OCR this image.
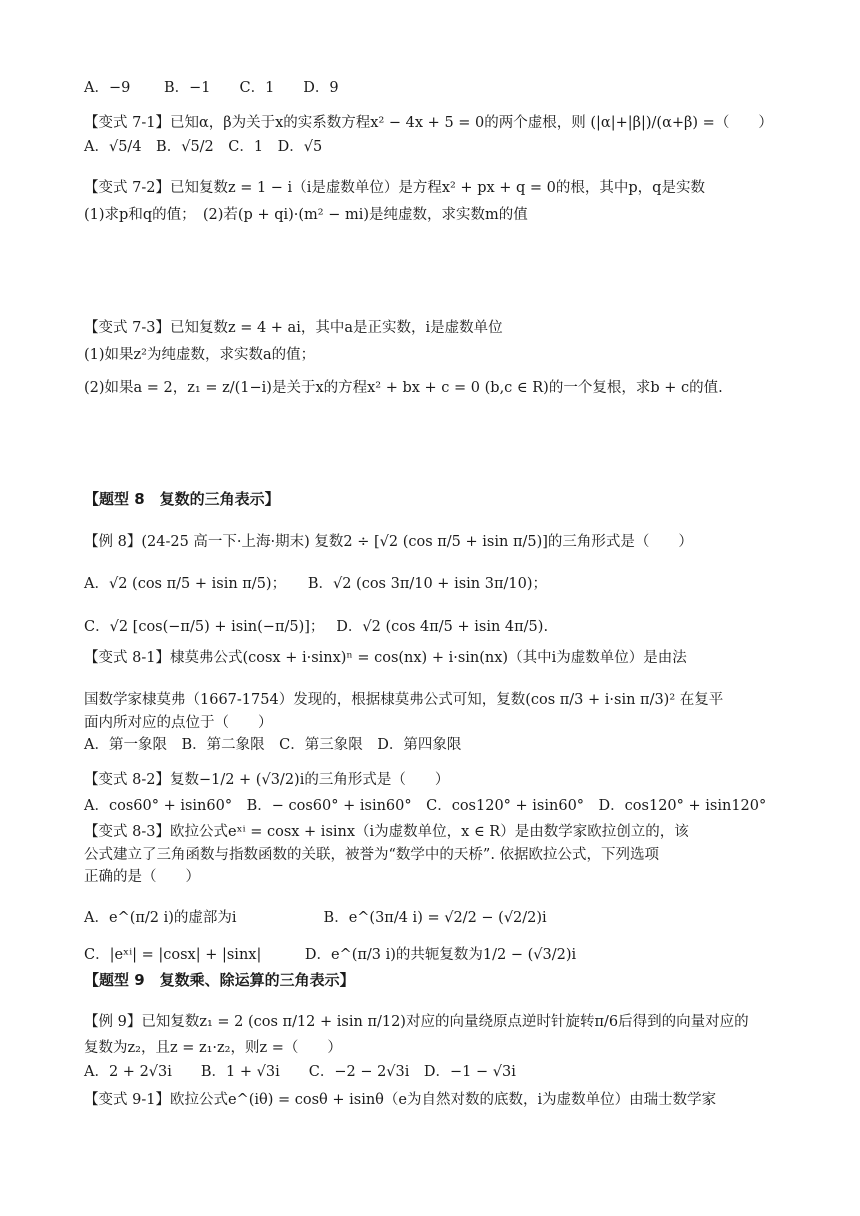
A．−9　　 B．−1　　C．1　　D．9
【变式 7-1】已知α，β为关于x的实系数方程x² − 4x + 5 = 0的两个虚根，则 (|α|+|β|)/(α+β) =（　　）
A．√5/4　B．√5/2　C．1　D．√5
【变式 7-2】已知复数z = 1 − i（i是虚数单位）是方程x² + px + q = 0的根，其中p，q是实数
(1)求p和q的值；　(2)若(p + qi)·(m² − mi)是纯虚数，求实数m的值
【变式 7-3】已知复数z = 4 + ai，其中a是正实数，i是虚数单位
(1)如果z²为纯虚数，求实数a的值；
(2)如果a = 2，z₁ = z/(1−i)是关于x的方程x² + bx + c = 0 (b,c ∈ R)的一个复根，求b + c的值.
【题型 8　复数的三角表示】
【例 8】(24-25 高一下·上海·期末) 复数2 ÷ [√2 (cos π/5 + isin π/5)]的三角形式是（　　）
A．√2 (cos π/5 + isin π/5)；　　B．√2 (cos 3π/10 + isin 3π/10)；
C．√2 [cos(−π/5) + isin(−π/5)]；　 D．√2 (cos 4π/5 + isin 4π/5).
【变式 8-1】棣莫弗公式(cosx + i·sinx)ⁿ = cos(nx) + i·sin(nx)（其中i为虚数单位）是由法
国数学家棣莫弗（1667-1754）发现的，根据棣莫弗公式可知，复数(cos π/3 + i·sin π/3)² 在复平
面内所对应的点位于（　　）
A．第一象限　B．第二象限　C．第三象限　D．第四象限
【变式 8-2】复数−1/2 + (√3/2)i的三角形式是（　　）
A．cos60° + isin60°　B．− cos60° + isin60°　C．cos120° + isin60°　D．cos120° + isin120°
【变式 8-3】欧拉公式eˣⁱ = cosx + isinx（i为虚数单位，x ∈ R）是由数学家欧拉创立的，该
公式建立了三角函数与指数函数的关联，被誉为“数学中的天桥”. 依据欧拉公式，下列选项
正确的是（　　）
A．e^(π/2 i)的虚部为i　　　　　　B．e^(3π/4 i) = √2/2 − (√2/2)i
C．|eˣⁱ| = |cosx| + |sinx|　　　D．e^(π/3 i)的共轭复数为1/2 − (√3/2)i
【题型 9　复数乘、除运算的三角表示】
【例 9】已知复数z₁ = 2 (cos π/12 + isin π/12)对应的向量绕原点逆时针旋转π/6后得到的向量对应的
复数为z₂，且z = z₁·z₂，则z =（　　）
A．2 + 2√3i　　B．1 + √3i　　C．−2 − 2√3i　D．−1 − √3i
【变式 9-1】欧拉公式e^(iθ) = cosθ + isinθ（e为自然对数的底数，i为虚数单位）由瑞士数学家
